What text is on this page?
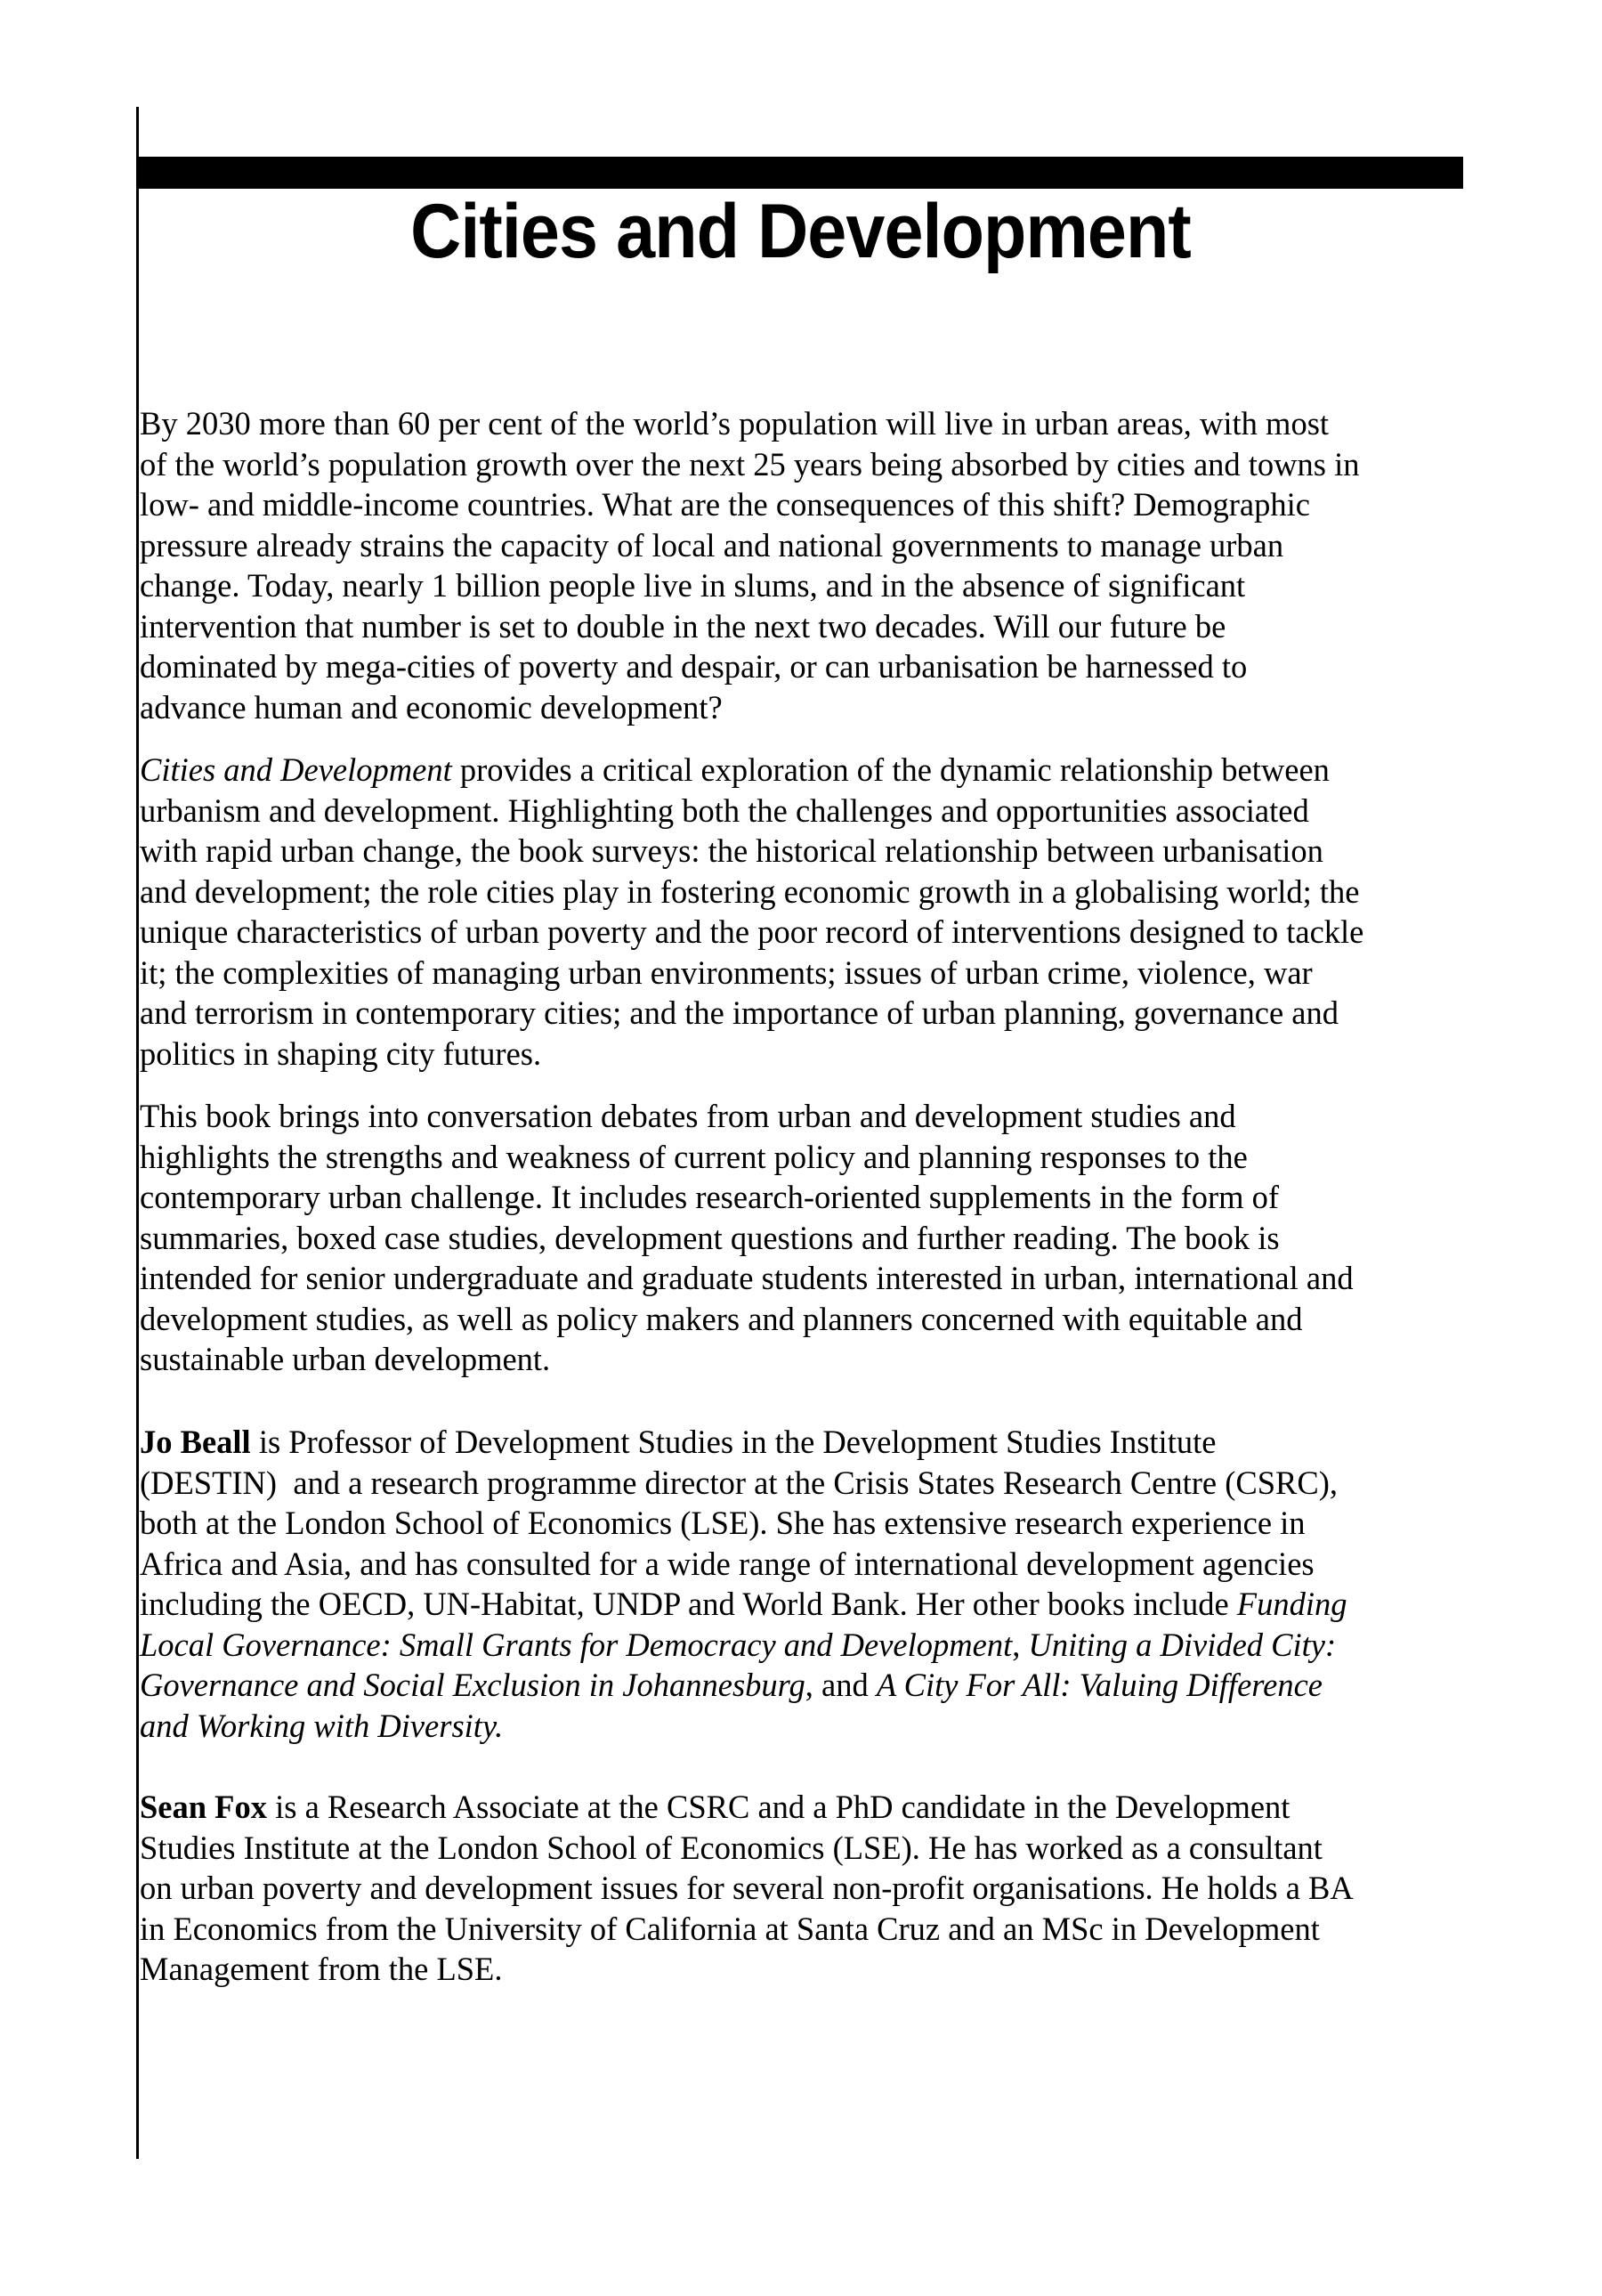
Cities and Development
By 2030 more than 60 per cent of the world’s population will live in urban areas, with most
of the world’s population growth over the next 25 years being absorbed by cities and towns in
low- and middle-income countries. What are the consequences of this shift? Demographic
pressure already strains the capacity of local and national governments to manage urban
change. Today, nearly 1 billion people live in slums, and in the absence of significant
intervention that number is set to double in the next two decades. Will our future be
dominated by mega-cities of poverty and despair, or can urbanisation be harnessed to
advance human and economic development?
Cities and Development provides a critical exploration of the dynamic relationship between
urbanism and development. Highlighting both the challenges and opportunities associated
with rapid urban change, the book surveys: the historical relationship between urbanisation
and development; the role cities play in fostering economic growth in a globalising world; the
unique characteristics of urban poverty and the poor record of interventions designed to tackle
it; the complexities of managing urban environments; issues of urban crime, violence, war
and terrorism in contemporary cities; and the importance of urban planning, governance and
politics in shaping city futures.
This book brings into conversation debates from urban and development studies and
highlights the strengths and weakness of current policy and planning responses to the
contemporary urban challenge. It includes research-oriented supplements in the form of
summaries, boxed case studies, development questions and further reading. The book is
intended for senior undergraduate and graduate students interested in urban, international and
development studies, as well as policy makers and planners concerned with equitable and
sustainable urban development.
Jo Beall is Professor of Development Studies in the Development Studies Institute
(DESTIN)  and a research programme director at the Crisis States Research Centre (CSRC),
both at the London School of Economics (LSE). She has extensive research experience in
Africa and Asia, and has consulted for a wide range of international development agencies
including the OECD, UN-Habitat, UNDP and World Bank. Her other books include Funding
Local Governance: Small Grants for Democracy and Development, Uniting a Divided City:
Governance and Social Exclusion in Johannesburg, and A City For All: Valuing Difference
and Working with Diversity.
Sean Fox is a Research Associate at the CSRC and a PhD candidate in the Development
Studies Institute at the London School of Economics (LSE). He has worked as a consultant
on urban poverty and development issues for several non-profit organisations. He holds a BA
in Economics from the University of California at Santa Cruz and an MSc in Development
Management from the LSE.
